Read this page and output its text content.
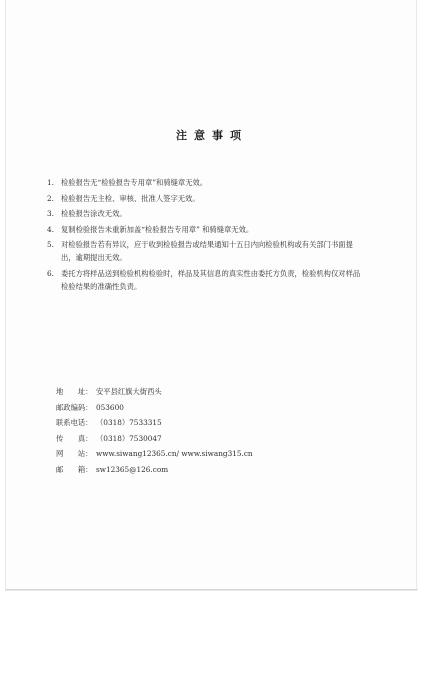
注意事项
1. 检验报告无“检验报告专用章”和骑缝章无效。
2. 检验报告无主检、审核、批准人签字无效。
3. 检验报告涂改无效。
4. 复制检验报告未重新加盖“检验报告专用章” 和骑缝章无效。
5. 对检验报告若有异议，应于收到检验报告或结果通知十五日内向检验机构或有关部门书面提出，逾期提出无效。
6. 委托方将样品送到检验机构检验时，样品及其信息的真实性由委托方负责，检验机构仅对样品检验结果的准确性负责。
地　　址： 安平县红旗大街西头
邮政编码： 053600
联系电话： （0318）7533315
传　　真： （0318）7530047
网　　站： www.siwang12365.cn/ www.siwang315.cn
邮　　箱： sw12365@126.com
